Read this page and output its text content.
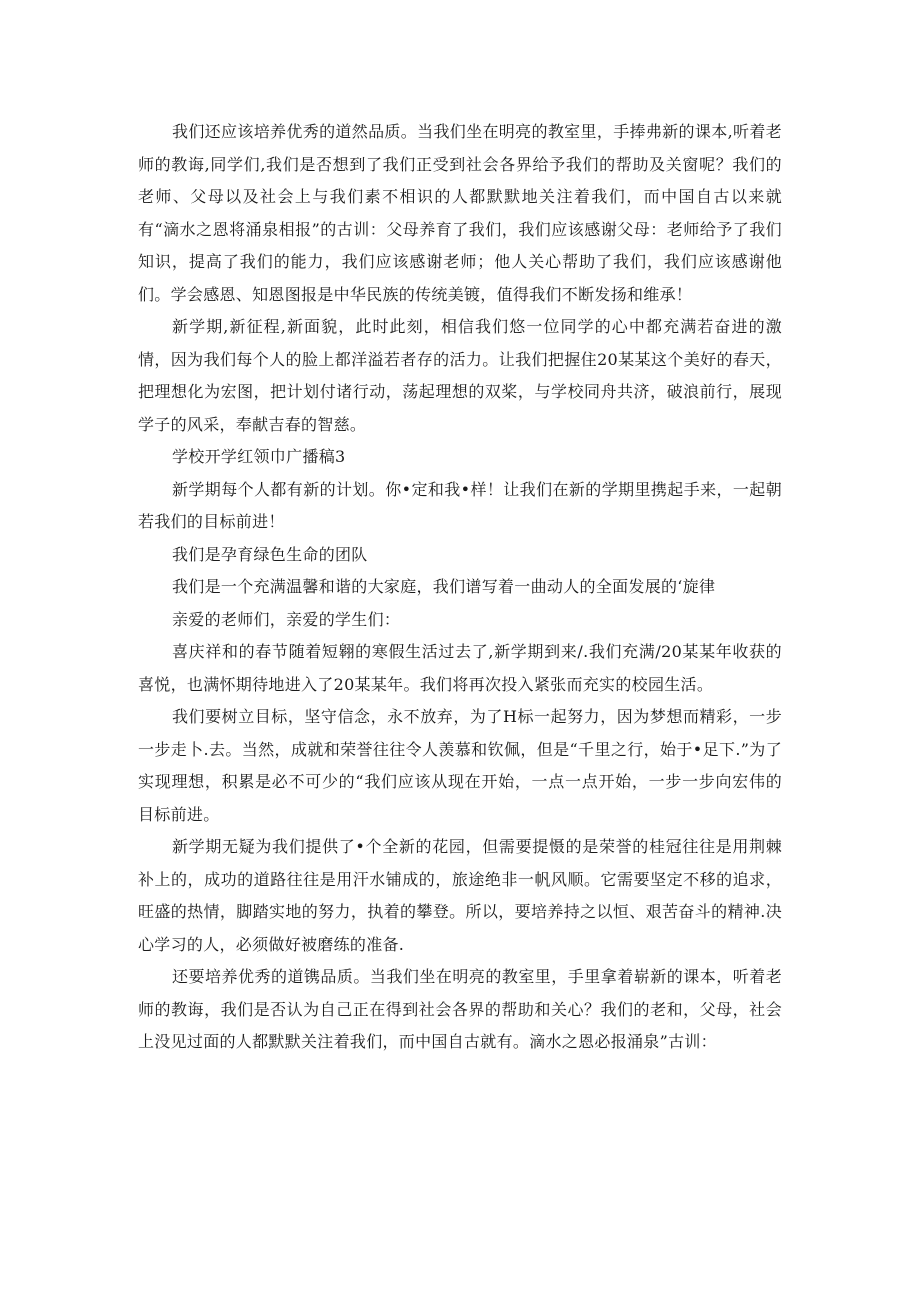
我们还应该培养优秀的道然品质。当我们坐在明亮的教室里，手捧弗新的课本,听着老师的教诲,同学们,我们是否想到了我们正受到社会各界给予我们的帮助及关窗呢？我们的老师、父母以及社会上与我们素不相识的人都默默地关注着我们，而中国自古以来就有“滴水之恩将涌泉相报”的古训：父母养育了我们，我们应该感谢父母：老师给予了我们知识，提高了我们的能力，我们应该感谢老师；他人关心帮助了我们，我们应该感谢他们。学会感恩、知恩图报是中华民族的传统美镀，值得我们不断发扬和维承！

新学期,新征程,新面貌，此时此刻，相信我们悠一位同学的心中都充满若奋进的激情，因为我们每个人的脸上都洋溢若者存的活力。让我们把握住20某某这个美好的春天，把理想化为宏图，把计划付诸行动，荡起理想的双桨，与学校同舟共济，破浪前行，展现学子的风采，奉献吉春的智慈。

学校开学红领巾广播稿3

新学期每个人都有新的计划。你•定和我•样！让我们在新的学期里携起手来，一起朝若我们的目标前进！

我们是孕育绿色生命的团队

我们是一个充满温馨和谐的大家庭，我们谱写着一曲动人的全面发展的‘旋律

亲爱的老师们，亲爱的学生们：

喜庆祥和的春节随着短翱的寒假生活过去了,新学期到来/.我们充满/20某某年收获的喜悦，也满怀期待地进入了20某某年。我们将再次投入紧张而充实的校园生活。

我们要树立目标，坚守信念，永不放弃，为了H标一起努力，因为梦想而精彩，一步一步走卜.去。当然，成就和荣誉往往令人羡慕和钦佩，但是“千里之行，始于•足下.”为了实现理想，积累是必不可少的“我们应该从现在开始，一点一点开始，一步一步向宏伟的目标前进。

新学期无疑为我们提供了•个全新的花园，但需要提慑的是荣誉的桂冠往往是用荆棘补上的，成功的道路往往是用汗水铺成的，旅途绝非一帆风顺。它需要坚定不移的追求，旺盛的热情，脚踏实地的努力，执着的攀登。所以，要培养持之以恒、艰苦奋斗的精神.决心学习的人，必须做好被磨练的准备.

还要培养优秀的道镌品质。当我们坐在明亮的教室里，手里拿着崭新的课本，听着老师的教诲，我们是否认为自己正在得到社会各界的帮助和关心？我们的老和，父母，社会上没见过面的人都默默关注着我们，而中国自古就有。滴水之恩必报涌泉”古训：
